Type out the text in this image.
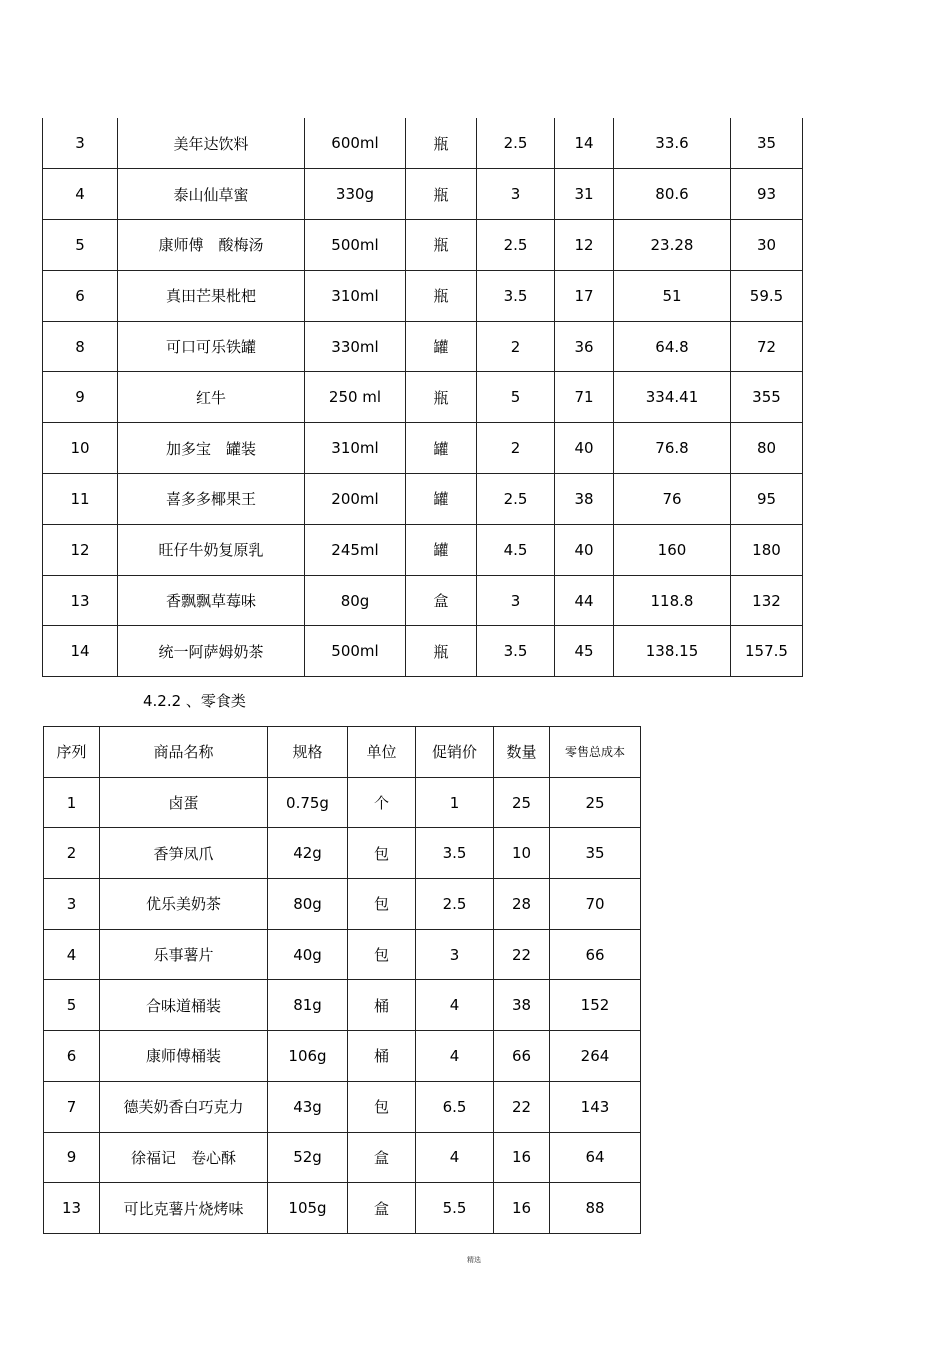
3	美年达饮料	600ml	瓶	2.5	14	33.6	35
4	泰山仙草蜜	330g	瓶	3	31	80.6	93
5	康师傅　酸梅汤	500ml	瓶	2.5	12	23.28	30
6	真田芒果枇杷	310ml	瓶	3.5	17	51	59.5
8	可口可乐铁罐	330ml	罐	2	36	64.8	72
9	红牛	250 ml	瓶	5	71	334.41	355
10	加多宝　罐装	310ml	罐	2	40	76.8	80
11	喜多多椰果王	200ml	罐	2.5	38	76	95
12	旺仔牛奶复原乳	245ml	罐	4.5	40	160	180
13	香飘飘草莓味	80g	盒	3	44	118.8	132
14	统一阿萨姆奶茶	500ml	瓶	3.5	45	138.15	157.5
4.2.2 、零食类
序列	商品名称	规格	单位	促销价	数量	零售总成本
1	卤蛋	0.75g	个	1	25	25
2	香笋凤爪	42g	包	3.5	10	35
3	优乐美奶茶	80g	包	2.5	28	70
4	乐事薯片	40g	包	3	22	66
5	合味道桶装	81g	桶	4	38	152
6	康师傅桶装	106g	桶	4	66	264
7	德芙奶香白巧克力	43g	包	6.5	22	143
9	徐福记　卷心酥	52g	盒	4	16	64
13	可比克薯片烧烤味	105g	盒	5.5	16	88
精选
